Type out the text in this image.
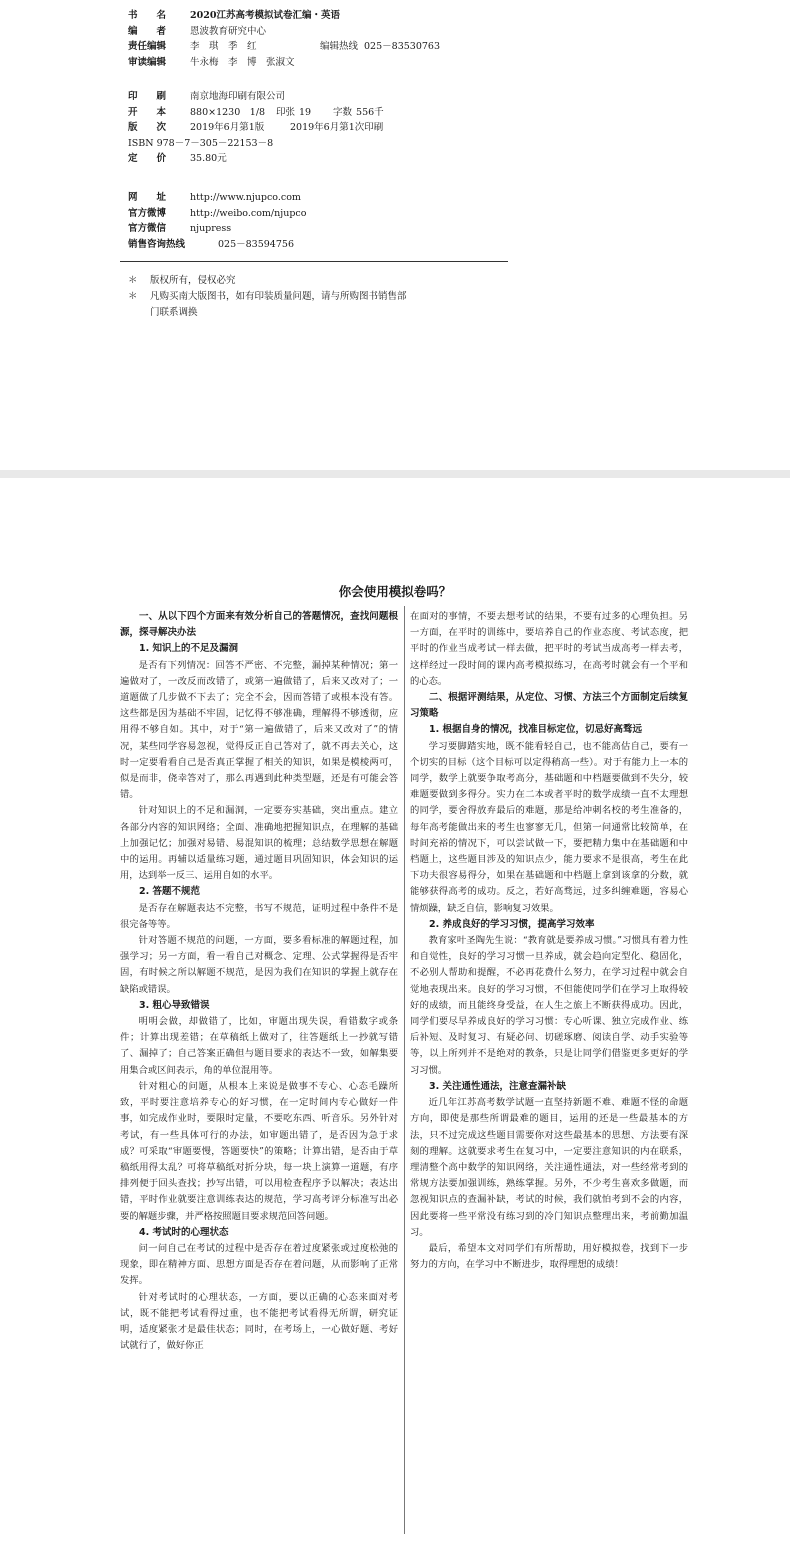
书　　名	2020江苏高考模拟试卷汇编・英语
编　　者	恩波教育研究中心
责任编辑	李　琪　季　红	编辑热线 025－83530763
审读编辑	牛永梅　李　博　张淑文
印　　刷	南京地海印刷有限公司
开　　本	880×1230　1/8	印张 19	字数 556千
版　　次	2019年6月第1版	2019年6月第1次印刷
ISBN 978－7－305－22153－8
定　　价	35.80元
网　　址	http://www.njupco.com
官方微博	http://weibo.com/njupco
官方微信	njupress
销售咨询热线	025－83594756
＊	版权所有，侵权必究
＊	凡购买南大版图书，如有印装质量问题，请与所购图书销售部门联系调换
你会使用模拟卷吗？
一、从以下四个方面来有效分析自己的答题情况，查找问题根源，探寻解决办法
1. 知识上的不足及漏洞

是否有下列情况：回答不严密、不完整，漏掉某种情况；第一遍做对了，一改反而改错了，或第一遍做错了，后来又改对了；一道题做了几步做不下去了；完全不会，因而答错了或根本没有答。这些都是因为基础不牢固，记忆得不够准确，理解得不够透彻，应用得不够自如。其中，对于“第一遍做错了，后来又改对了”的情况，某些同学容易忽视，觉得反正自己答对了，就不再去关心，这时一定要看看自己是否真正掌握了相关的知识，如果是模棱两可，似是而非，侥幸答对了，那么再遇到此种类型题，还是有可能会答错。

针对知识上的不足和漏洞，一定要夯实基础，突出重点。建立各部分内容的知识网络；全面、准确地把握知识点，在理解的基础上加强记忆；加强对易错、易混知识的梳理；总结数学思想在解题中的运用。再辅以适量练习题，通过题目巩固知识，体会知识的运用，达到举一反三、运用自如的水平。

2. 答题不规范

是否存在解题表达不完整，书写不规范，证明过程中条件不是很完备等等。

针对答题不规范的问题，一方面，要多看标准的解题过程，加强学习；另一方面，看一看自己对概念、定理、公式掌握得是否牢固，有时候之所以解题不规范，是因为我们在知识的掌握上就存在缺陷或错误。

3. 粗心导致错误

明明会做，却做错了，比如，审题出现失误，看错数字或条件；计算出现差错；在草稿纸上做对了，往答题纸上一抄就写错了、漏掉了；自己答案正确但与题目要求的表达不一致，如解集要用集合或区间表示，角的单位混用等。

针对粗心的问题，从根本上来说是做事不专心、心态毛躁所致，平时要注意培养专心的好习惯，在一定时间内专心做好一件事，如完成作业时，要限时定量，不要吃东西、听音乐。另外针对考试，有一些具体可行的办法，如审题出错了，是否因为急于求成？可采取“审题要慢，答题要快”的策略；计算出错，是否由于草稿纸用得太乱？可将草稿纸对折分块，每一块上演算一道题，有序排列便于回头查找；抄写出错，可以用检查程序予以解决；表达出错，平时作业就要注意训练表达的规范，学习高考评分标准写出必要的解题步骤，并严格按照题目要求规范回答问题。

4. 考试时的心理状态

问一问自己在考试的过程中是否存在着过度紧张或过度松弛的现象，即在精神方面、思想方面是否存在着问题，从而影响了正常发挥。

针对考试时的心理状态，一方面，要以正确的心态来面对考试，既不能把考试看得过重，也不能把考试看得无所谓，研究证明，适度紧张才是最佳状态；同时，在考场上，一心做好题、考好试就行了，做好你正

在面对的事情，不要去想考试的结果，不要有过多的心理负担。另一方面，在平时的训练中，要培养自己的作业态度、考试态度，把平时的作业当成考试一样去做，把平时的考试当成高考一样去考，这样经过一段时间的课内高考模拟练习，在高考时就会有一个平和的心态。

二、根据评测结果，从定位、习惯、方法三个方面制定后续复习策略
1. 根据自身的情况，找准目标定位，切忌好高骛远

学习要脚踏实地，既不能看轻自己，也不能高估自己，要有一个切实的目标（这个目标可以定得稍高一些）。对于有能力上一本的同学，数学上就要争取考高分，基础题和中档题要做到不失分，较难题要做到多得分。实力在二本或者平时的数学成绩一直不太理想的同学，要舍得放弃最后的难题，那是给冲刺名校的考生准备的，每年高考能做出来的考生也寥寥无几，但第一问通常比较简单，在时间充裕的情况下，可以尝试做一下，要把精力集中在基础题和中档题上，这些题目涉及的知识点少，能力要求不是很高，考生在此下功夫很容易得分，如果在基础题和中档题上拿到该拿的分数，就能够获得高考的成功。反之，若好高骛远，过多纠缠难题，容易心情烦躁，缺乏自信，影响复习效果。

2. 养成良好的学习习惯，提高学习效率

教育家叶圣陶先生说：“教育就是要养成习惯。”习惯具有着力性和自觉性，良好的学习习惯一旦养成，就会趋向定型化、稳固化，不必别人帮助和提醒，不必再花费什么努力，在学习过程中就会自觉地表现出来。良好的学习习惯，不但能使同学们在学习上取得较好的成绩，而且能终身受益，在人生之旅上不断获得成功。因此，同学们要尽早养成良好的学习习惯：专心听课、独立完成作业、练后补短、及时复习、有疑必问、切磋琢磨、阅读自学、动手实验等等，以上所列并不是绝对的教条，只是让同学们借鉴更多更好的学习习惯。

3. 关注通性通法，注意查漏补缺

近几年江苏高考数学试题一直坚持新题不难、难题不怪的命题方向，即使是那些所谓最难的题目，运用的还是一些最基本的方法，只不过完成这些题目需要你对这些最基本的思想、方法要有深刻的理解。这就要求考生在复习中，一定要注意知识的内在联系，理清整个高中数学的知识网络，关注通性通法，对一些经常考到的常规方法要加强训练，熟练掌握。另外，不少考生喜欢多做题，而忽视知识点的查漏补缺，考试的时候，我们就怕考到不会的内容，因此要将一些平常没有练习到的冷门知识点整理出来，考前勤加温习。

最后，希望本文对同学们有所帮助，用好模拟卷，找到下一步努力的方向，在学习中不断进步，取得理想的成绩！
